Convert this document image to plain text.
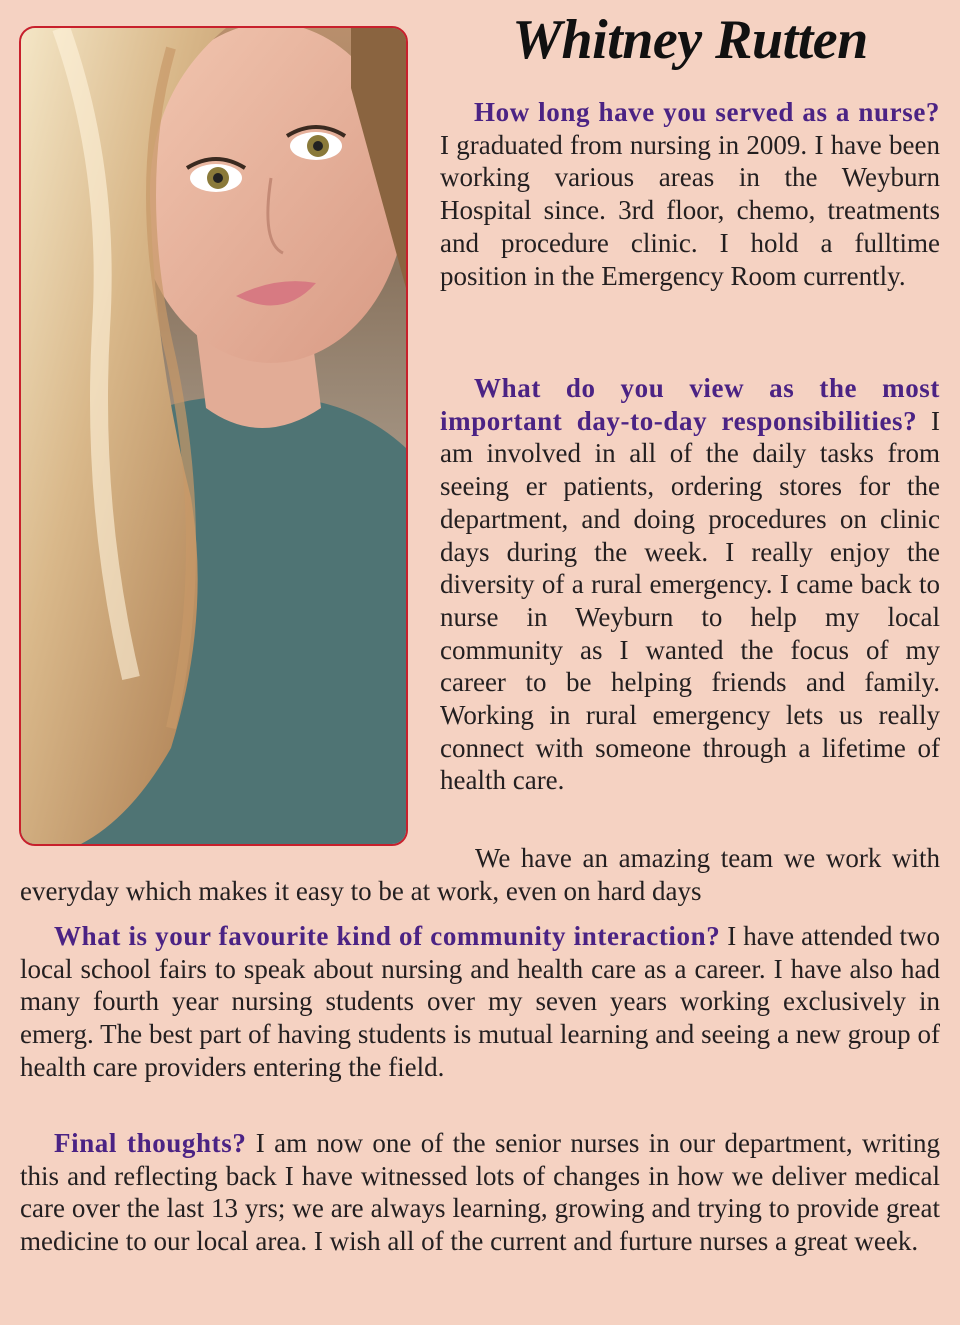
Whitney Rutten

How long have you served as a nurse? I graduated from nursing in 2009. I have been working various areas in the Weyburn Hospital since. 3rd floor, chemo, treatments and procedure clinic. I hold a fulltime position in the Emergency Room currently.

What do you view as the most important day-to-day responsibilities? I am involved in all of the daily tasks from seeing er patients, ordering stores for the department, and doing procedures on clinic days during the week. I really enjoy the diversity of a rural emergency. I came back to nurse in Weyburn to help my local community as I wanted the focus of my career to be helping friends and family. Working in rural emergency lets us really connect with someone through a lifetime of health care.

We have an amazing team we work with everyday which makes it easy to be at work, even on hard days

What is your favourite kind of community interaction? I have attended two local school fairs to speak about nursing and health care as a career. I have also had many fourth year nursing students over my seven years working exclusively in emerg. The best part of having students is mutual learning and seeing a new group of health care providers entering the field.

Final thoughts? I am now one of the senior nurses in our department, writing this and reflecting back I have witnessed lots of changes in how we deliver medical care over the last 13 yrs; we are always learning, growing and trying to provide great medicine to our local area. I wish all of the current and furture nurses a great week.
